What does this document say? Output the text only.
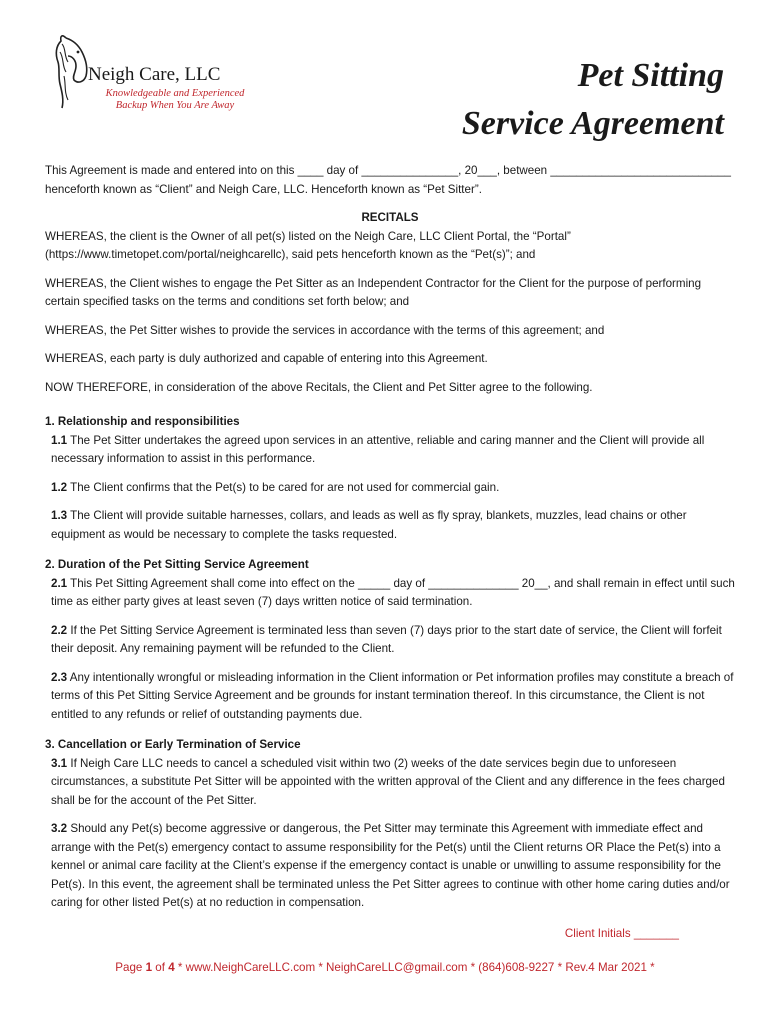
Neigh Care, LLC
Knowledgeable and Experienced
Backup When You Are Away
Pet Sitting
Service Agreement

This Agreement is made and entered into on this ____ day of _______________, 20___, between ____________________________ henceforth known as “Client” and Neigh Care, LLC. Henceforth known as “Pet Sitter”.

RECITALS

WHEREAS, the client is the Owner of all pet(s) listed on the Neigh Care, LLC Client Portal, the “Portal” (https://www.timetopet.com/portal/neighcarellc), said pets henceforth known as the “Pet(s)”; and

WHEREAS, the Client wishes to engage the Pet Sitter as an Independent Contractor for the Client for the purpose of performing certain specified tasks on the terms and conditions set forth below; and

WHEREAS, the Pet Sitter wishes to provide the services in accordance with the terms of this agreement; and

WHEREAS, each party is duly authorized and capable of entering into this Agreement.

NOW THEREFORE, in consideration of the above Recitals, the Client and Pet Sitter agree to the following.

1. Relationship and responsibilities

1.1 The Pet Sitter undertakes the agreed upon services in an attentive, reliable and caring manner and the Client will provide all necessary information to assist in this performance.

1.2 The Client confirms that the Pet(s) to be cared for are not used for commercial gain.

1.3 The Client will provide suitable harnesses, collars, and leads as well as fly spray, blankets, muzzles, lead chains or other equipment as would be necessary to complete the tasks requested.

2. Duration of the Pet Sitting Service Agreement

2.1 This Pet Sitting Agreement shall come into effect on the _____ day of ______________ 20__, and shall remain in effect until such time as either party gives at least seven (7) days written notice of said termination.

2.2 If the Pet Sitting Service Agreement is terminated less than seven (7) days prior to the start date of service, the Client will forfeit their deposit. Any remaining payment will be refunded to the Client.

2.3 Any intentionally wrongful or misleading information in the Client information or Pet information profiles may constitute a breach of terms of this Pet Sitting Service Agreement and be grounds for instant termination thereof. In this circumstance, the Client is not entitled to any refunds or relief of outstanding payments due.

3. Cancellation or Early Termination of Service

3.1 If Neigh Care LLC needs to cancel a scheduled visit within two (2) weeks of the date services begin due to unforeseen circumstances, a substitute Pet Sitter will be appointed with the written approval of the Client and any difference in the fees charged shall be for the account of the Pet Sitter.

3.2 Should any Pet(s) become aggressive or dangerous, the Pet Sitter may terminate this Agreement with immediate effect and arrange with the Pet(s) emergency contact to assume responsibility for the Pet(s) until the Client returns OR Place the Pet(s) into a kennel or animal care facility at the Client’s expense if the emergency contact is unable or unwilling to assume responsibility for the Pet(s). In this event, the agreement shall be terminated unless the Pet Sitter agrees to continue with other home caring duties and/or caring for other listed Pet(s) at no reduction in compensation.

Client Initials _______
Page 1 of 4 * www.NeighCareLLC.com * NeighCareLLC@gmail.com * (864)608-9227 * Rev.4 Mar 2021 *
